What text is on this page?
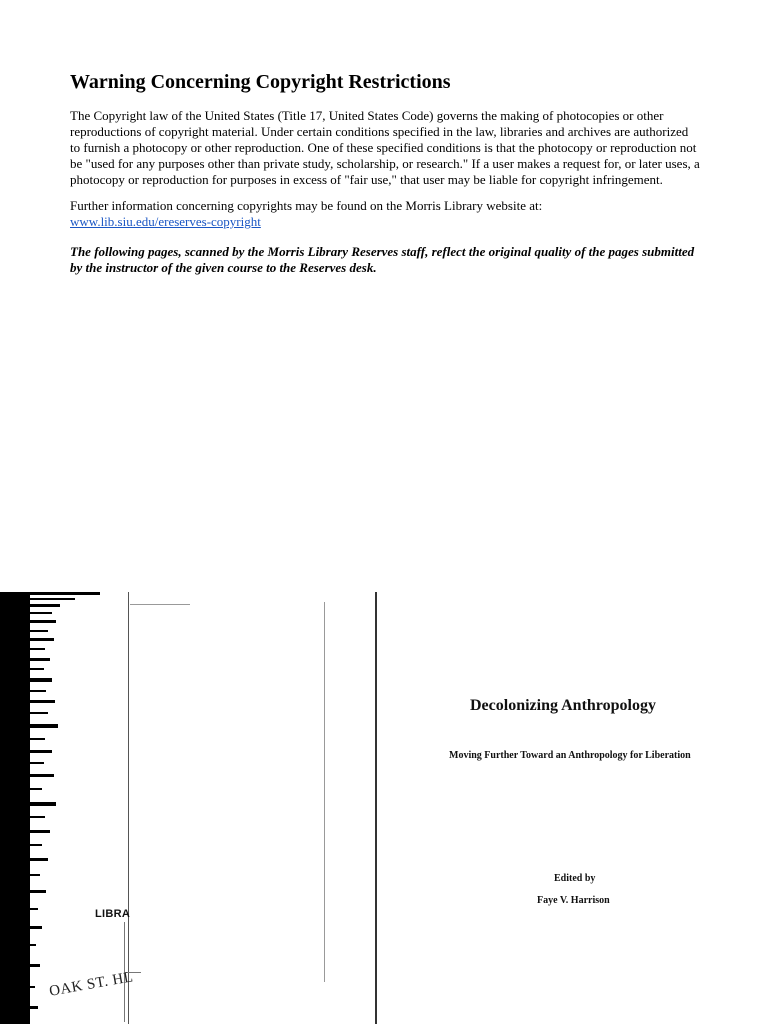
Warning Concerning Copyright Restrictions

The Copyright law of the United States (Title 17, United States Code) governs the making of photocopies or other reproductions of copyright material. Under certain conditions specified in the law, libraries and archives are authorized to furnish a photocopy or other reproduction. One of these specified conditions is that the photocopy or reproduction not be "used for any purposes other than private study, scholarship, or research." If a user makes a request for, or later uses, a photocopy or reproduction for purposes in excess of "fair use," that user may be liable for copyright infringement.

Further information concerning copyrights may be found on the Morris Library website at:
www.lib.siu.edu/ereserves-copyright

The following pages, scanned by the Morris Library Reserves staff, reflect the original quality of the pages submitted by the instructor of the given course to the Reserves desk.

LIBRA
OAK ST. HL
Decolonizing Anthropology
Moving Further Toward an Anthropology for Liberation
Edited by
Faye V. Harrison
